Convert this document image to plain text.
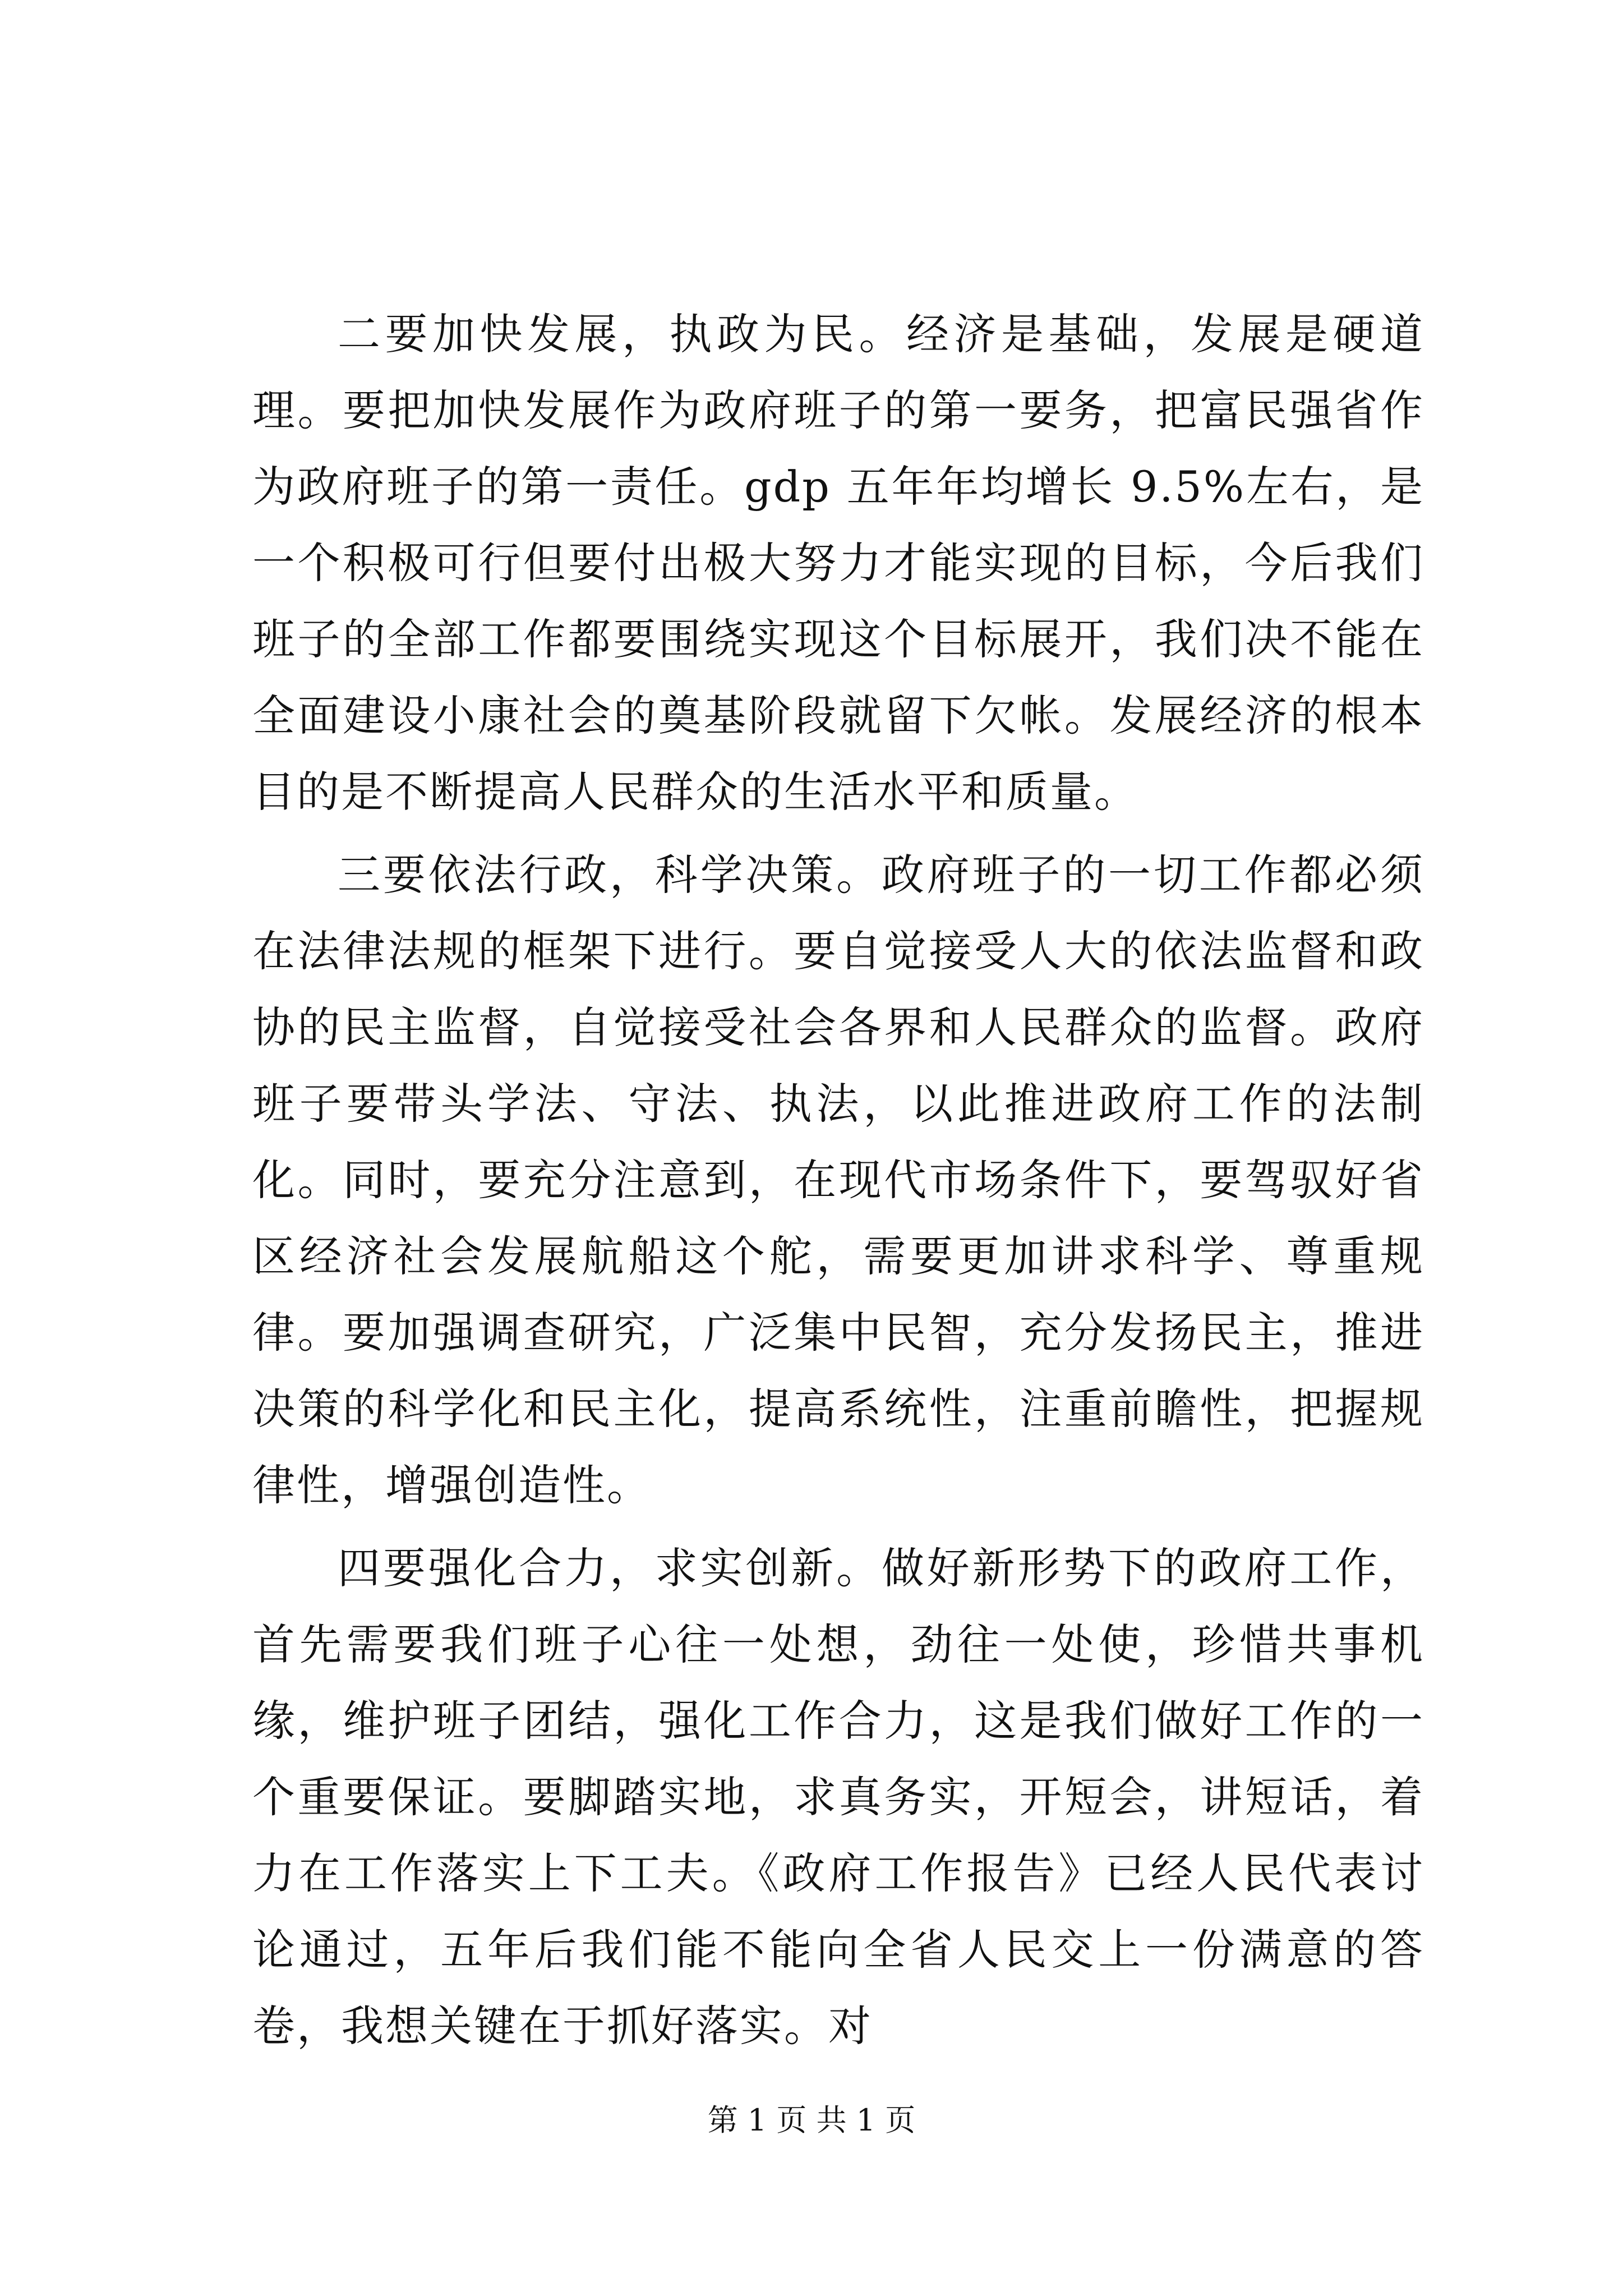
二要加快发展，执政为民。经济是基础，发展是硬道理。要把加快发展作为政府班子的第一要务，把富民强省作为政府班子的第一责任。gdp 五年年均增长 9.5%左右，是一个积极可行但要付出极大努力才能实现的目标，今后我们班子的全部工作都要围绕实现这个目标展开，我们决不能在全面建设小康社会的奠基阶段就留下欠帐。发展经济的根本目的是不断提高人民群众的生活水平和质量。

三要依法行政，科学决策。政府班子的一切工作都必须在法律法规的框架下进行。要自觉接受人大的依法监督和政协的民主监督，自觉接受社会各界和人民群众的监督。政府班子要带头学法、守法、执法，以此推进政府工作的法制化。同时，要充分注意到，在现代市场条件下，要驾驭好省区经济社会发展航船这个舵，需要更加讲求科学、尊重规律。要加强调查研究，广泛集中民智，充分发扬民主，推进决策的科学化和民主化，提高系统性，注重前瞻性，把握规律性，增强创造性。

四要强化合力，求实创新。做好新形势下的政府工作，首先需要我们班子心往一处想，劲往一处使，珍惜共事机缘，维护班子团结，强化工作合力，这是我们做好工作的一个重要保证。要脚踏实地，求真务实，开短会，讲短话，着力在工作落实上下工夫。《政府工作报告》已经人民代表讨论通过，五年后我们能不能向全省人民交上一份满意的答卷，我想关键在于抓好落实。对

第 1 页 共 1 页
